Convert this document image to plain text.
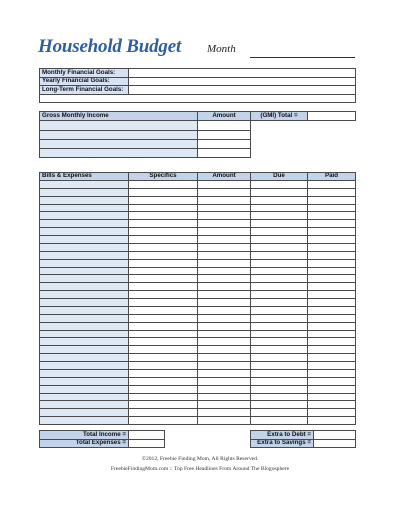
Household Budget Month
Monthly Financial Goals:	
Yearly Financial Goals:	
Long-Term Financial Goals:	

Gross Monthly Income	Amount	(GMI) Total =	

Bills & Expenses	Specifics	Amount	Due	Paid

Total Income =	
Total Expenses =	
Extra to Debt =	
Extra to Savings =	
©2012, Freebie Finding Mom, All Rights Reserved.
FreebieFindingMom.com :: Top Free Headlines From Around The Blogosphere
